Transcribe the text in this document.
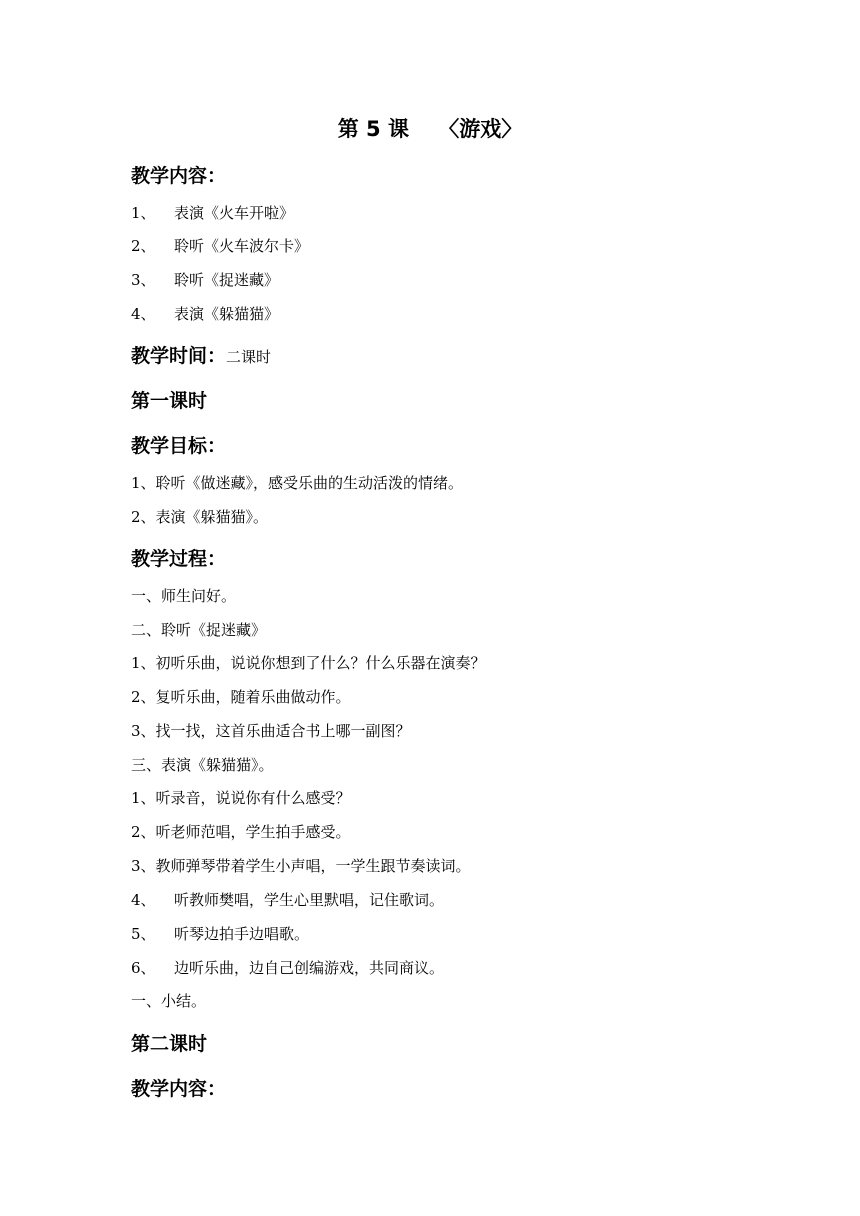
第 5 课    〈游戏〉
教学内容：
1、 表演《火车开啦》
2、 聆听《火车波尔卡》
3、 聆听《捉迷藏》
4、 表演《躲猫猫》
教学时间：二课时
第一课时
教学目标：
1、聆听《做迷藏》，感受乐曲的生动活泼的情绪。
2、表演《躲猫猫》。
教学过程：
一、师生问好。
二、聆听《捉迷藏》
1、初听乐曲，说说你想到了什么？什么乐器在演奏？
2、复听乐曲，随着乐曲做动作。
3、找一找，这首乐曲适合书上哪一副图？
三、表演《躲猫猫》。
1、听录音，说说你有什么感受？
2、听老师范唱，学生拍手感受。
3、教师弹琴带着学生小声唱，一学生跟节奏读词。
4、 听教师樊唱，学生心里默唱，记住歌词。
5、 听琴边拍手边唱歌。
6、 边听乐曲，边自己创编游戏，共同商议。
一、小结。
第二课时
教学内容：
